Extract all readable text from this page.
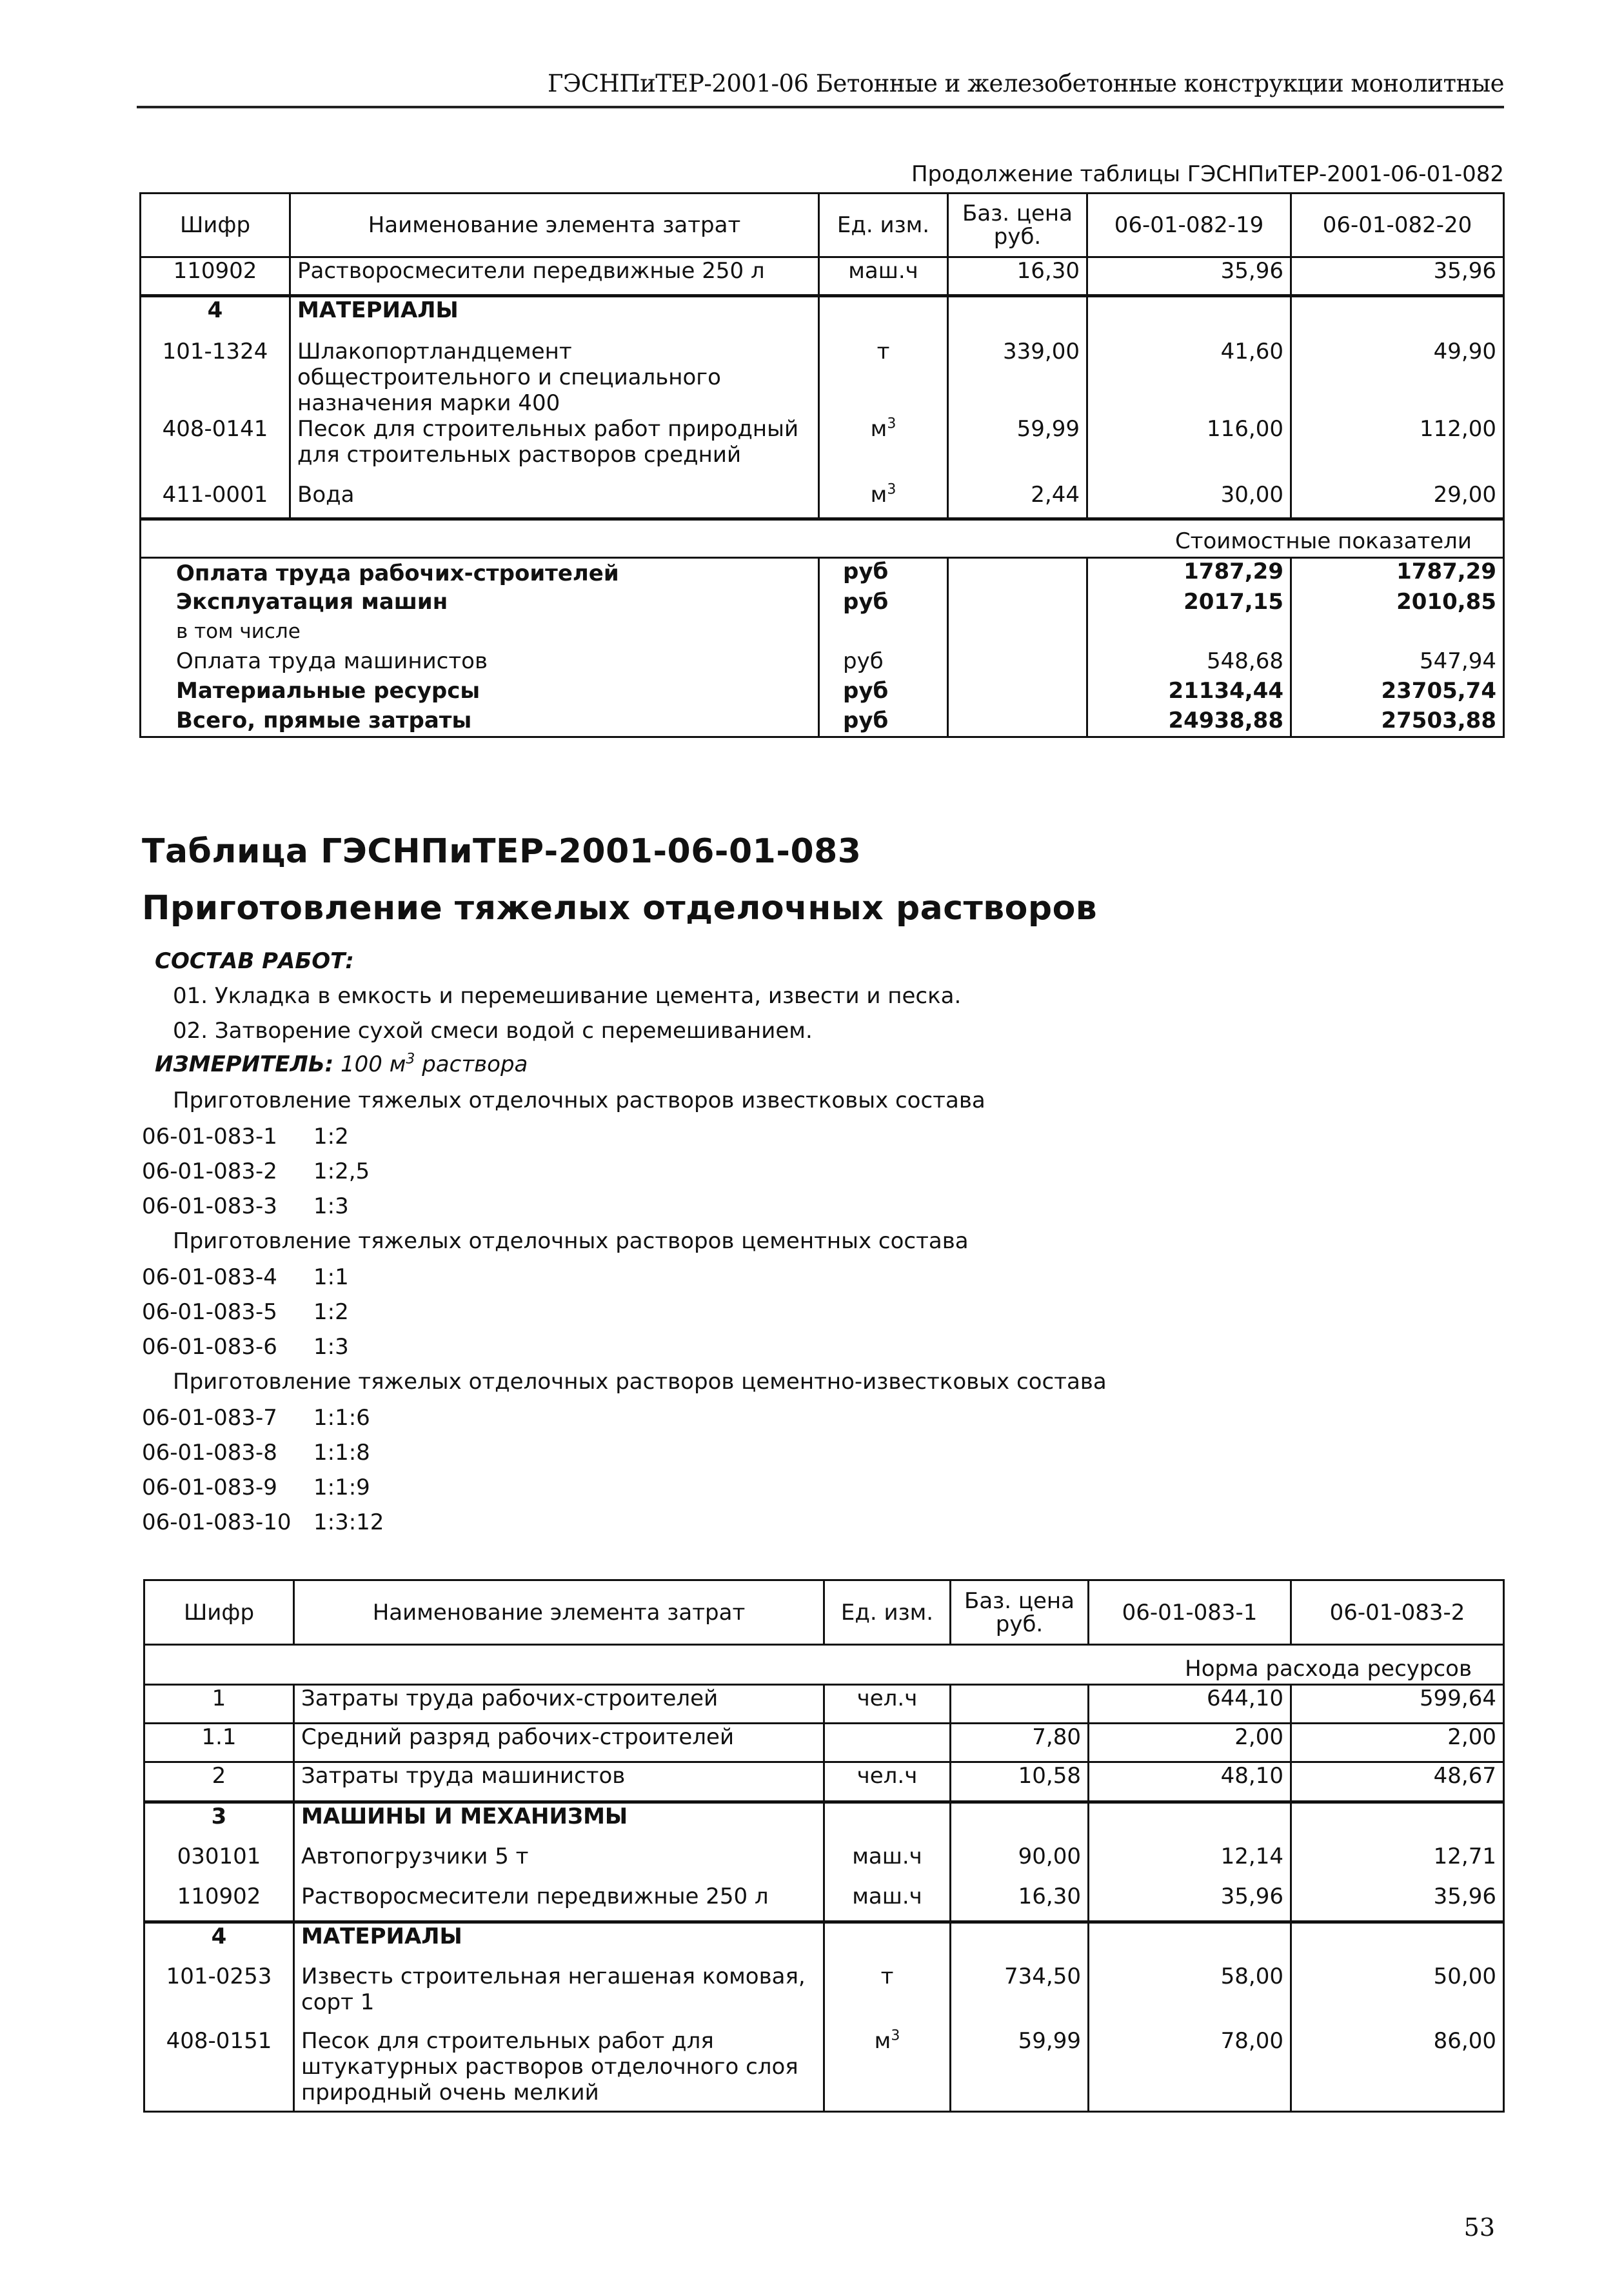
ГЭСНПиТЕР-2001-06 Бетонные и железобетонные конструкции монолитные
Продолжение таблицы ГЭСНПиТЕР-2001-06-01-082
Шифр	Наименование элемента затрат	Ед. изм.	Баз. цена руб.	06-01-082-19	06-01-082-20
110902	Растворосмесители передвижные 250 л	маш.ч	16,30	35,96	35,96
4	МАТЕРИАЛЫ				
101-1324	Шлакопортландцемент общестроительного и специального назначения марки 400	т	339,00	41,60	49,90
408-0141	Песок для строительных работ природный для строительных растворов средний	$м^3$	59,99	116,00	112,00
411-0001	Вода	$м^3$	2,44	30,00	29,00
Стоимостные показатели					
Оплата труда рабочих-строителей		руб		1787,29	1787,29
Эксплуатация машин		руб		2017,15	2010,85
в том числе					
Оплата труда машинистов		руб		548,68	547,94
Материальные ресурсы		руб		21134,44	23705,74
Всего, прямые затраты		руб		24938,88	27503,88
Таблица ГЭСНПиТЕР-2001-06-01-083
Приготовление тяжелых отделочных растворов
СОСТАВ РАБОТ:
01. Укладка в емкость и перемешивание цемента, извести и песка.
02. Затворение сухой смеси водой с перемешиванием.
ИЗМЕРИТЕЛЬ: 100 $м^3$ раствора
Приготовление тяжелых отделочных растворов известковых состава
06-01-083-1 1:2
06-01-083-2 1:2,5
06-01-083-3 1:3
Приготовление тяжелых отделочных растворов цементных состава
06-01-083-4 1:1
06-01-083-5 1:2
06-01-083-6 1:3
Приготовление тяжелых отделочных растворов цементно-известковых состава
06-01-083-7 1:1:6
06-01-083-8 1:1:8
06-01-083-9 1:1:9
06-01-083-10 1:3:12
Шифр	Наименование элемента затрат	Ед. изм.	Баз. цена руб.	06-01-083-1	06-01-083-2
Норма расхода ресурсов					
1	Затраты труда рабочих-строителей	чел.ч		644,10	599,64
1.1	Средний разряд рабочих-строителей		7,80	2,00	2,00
2	Затраты труда машинистов	чел.ч	10,58	48,10	48,67
3	МАШИНЫ И МЕХАНИЗМЫ				
030101	Автопогрузчики 5 т	маш.ч	90,00	12,14	12,71
110902	Растворосмесители передвижные 250 л	маш.ч	16,30	35,96	35,96
4	МАТЕРИАЛЫ				
101-0253	Известь строительная негашеная комовая, сорт 1	т	734,50	58,00	50,00
408-0151	Песок для строительных работ для штукатурных растворов отделочного слоя природный очень мелкий	$м^3$	59,99	78,00	86,00
53
